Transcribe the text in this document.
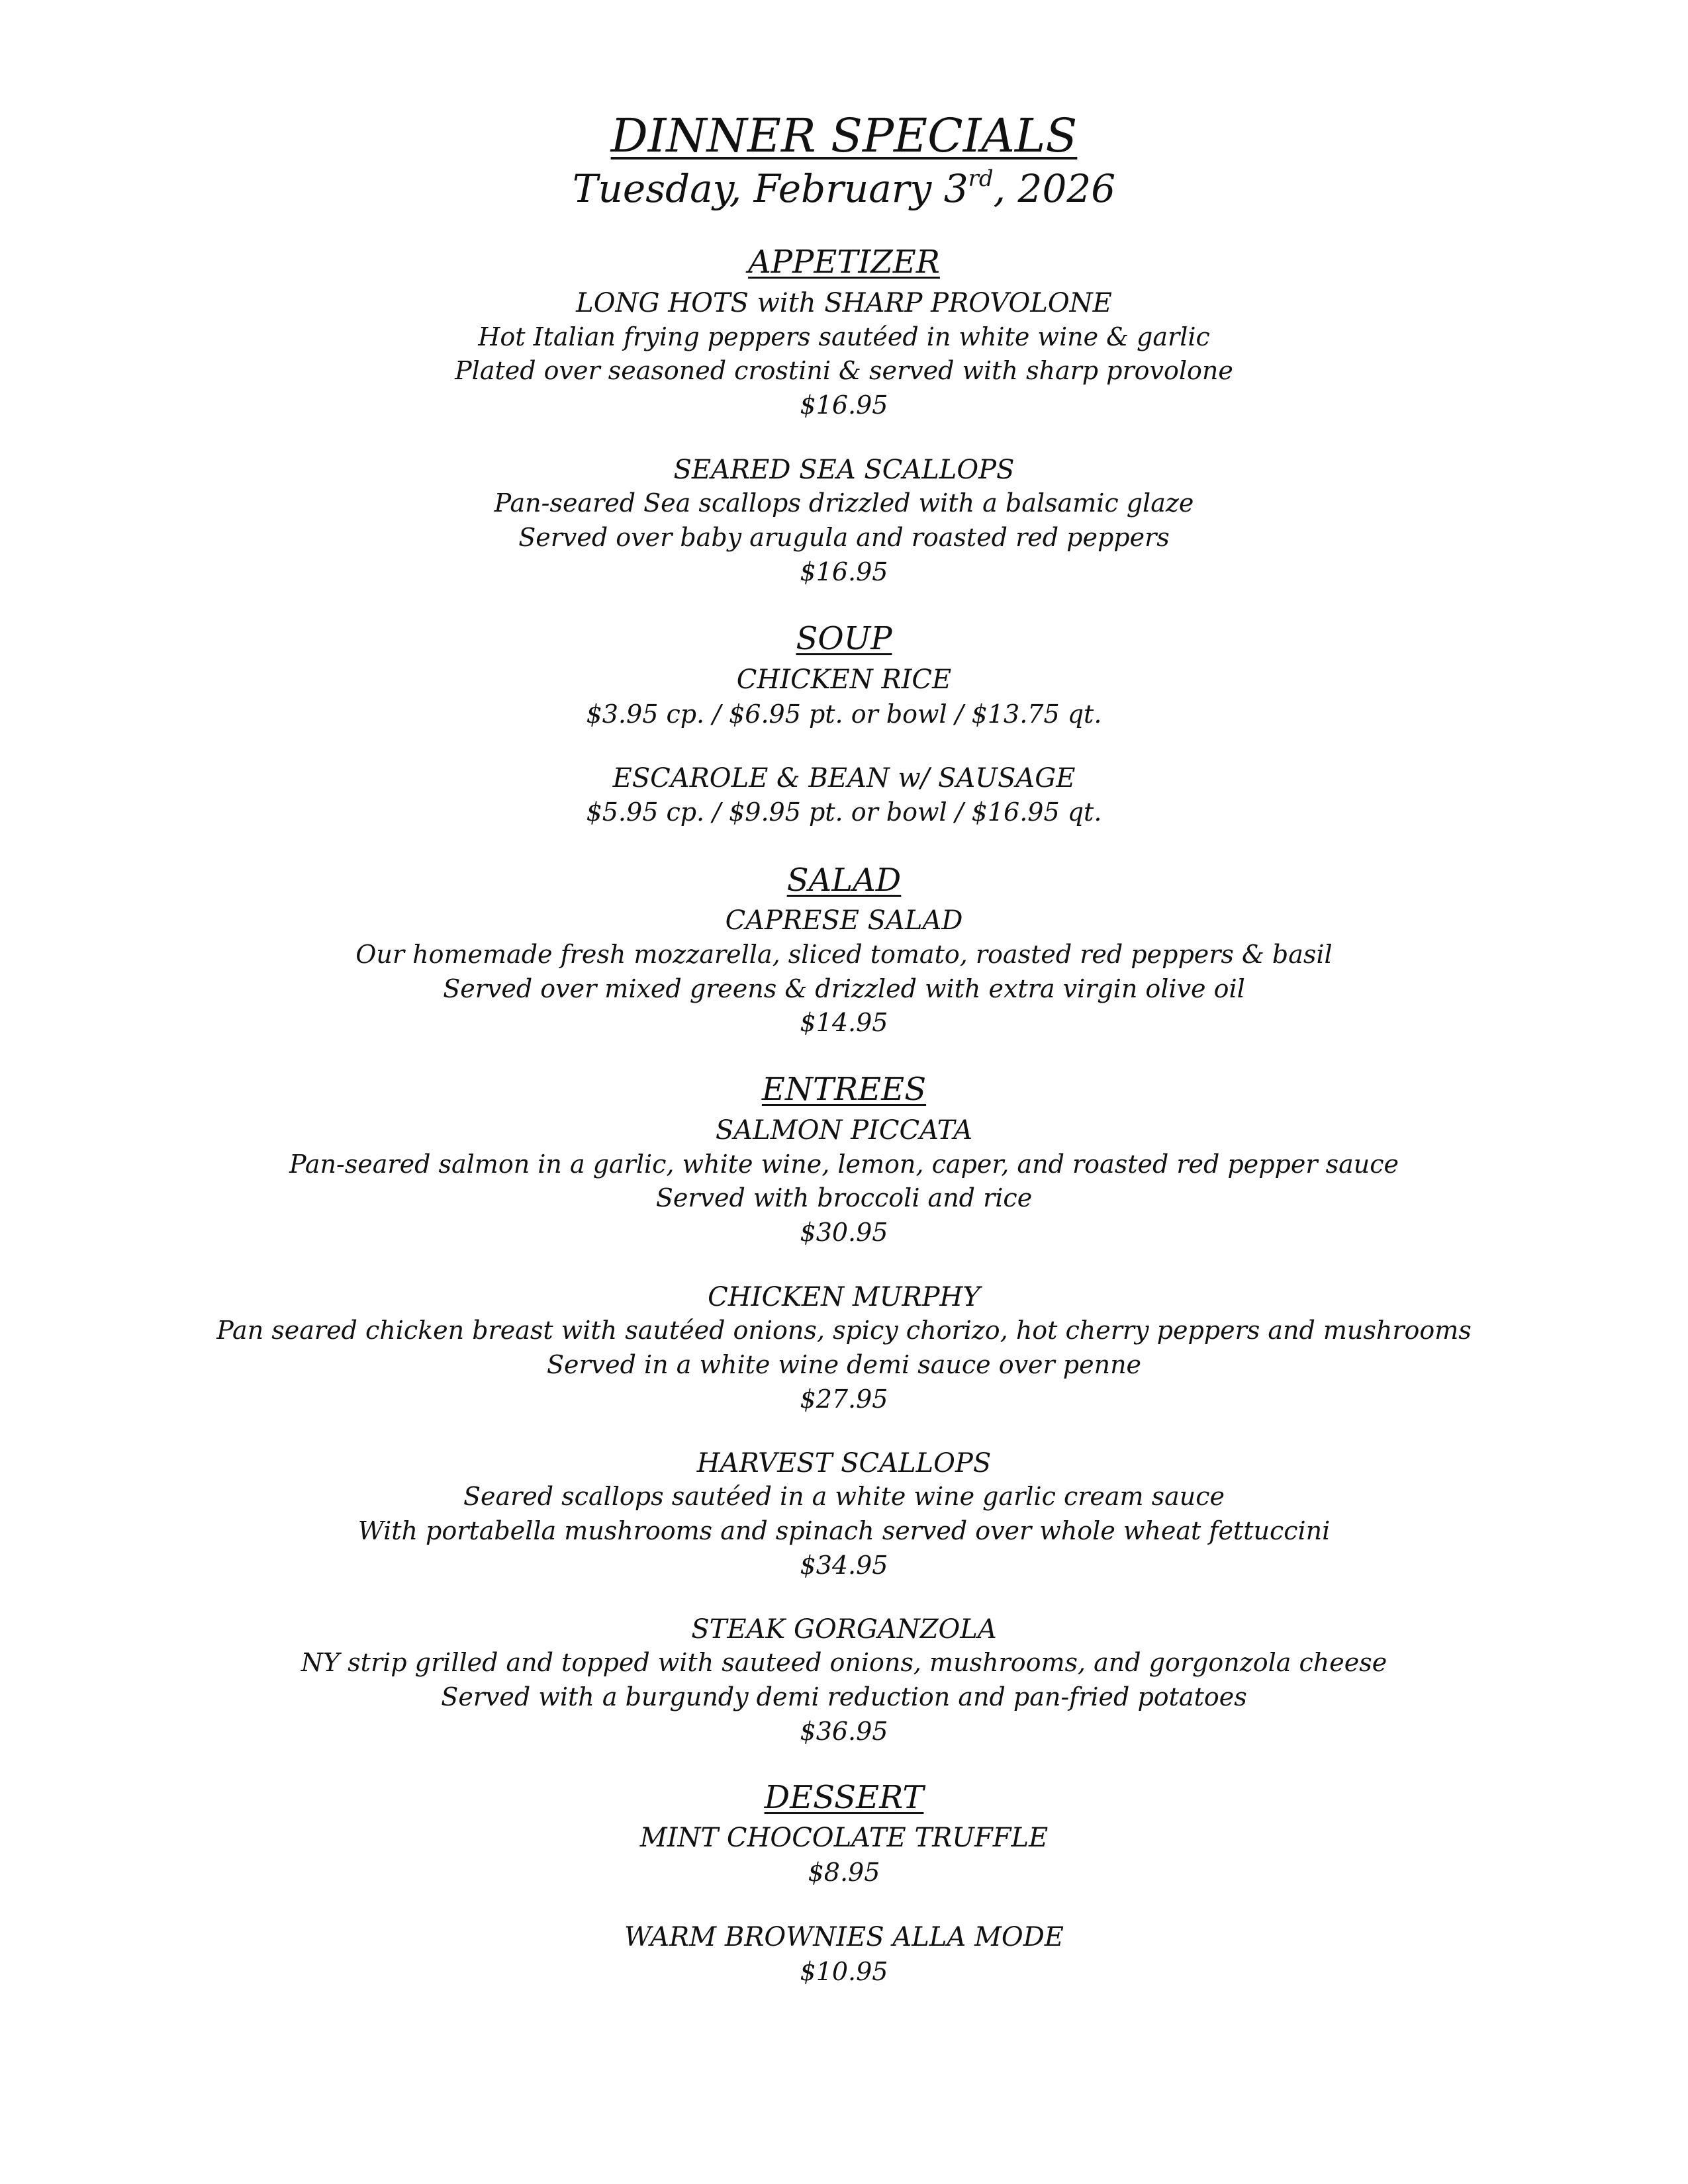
DINNER SPECIALS
Tuesday, February 3rd, 2026
APPETIZER
LONG HOTS with SHARP PROVOLONE
Hot Italian frying peppers sautéed in white wine & garlic
Plated over seasoned crostini & served with sharp provolone
$16.95
SEARED SEA SCALLOPS
Pan-seared Sea scallops drizzled with a balsamic glaze
Served over baby arugula and roasted red peppers
$16.95
SOUP
CHICKEN RICE
$3.95 cp. / $6.95 pt. or bowl / $13.75 qt.
ESCAROLE & BEAN w/ SAUSAGE
$5.95 cp. / $9.95 pt. or bowl / $16.95 qt.
SALAD
CAPRESE SALAD
Our homemade fresh mozzarella, sliced tomato, roasted red peppers & basil
Served over mixed greens & drizzled with extra virgin olive oil
$14.95
ENTREES
SALMON PICCATA
Pan-seared salmon in a garlic, white wine, lemon, caper, and roasted red pepper sauce
Served with broccoli and rice
$30.95
CHICKEN MURPHY
Pan seared chicken breast with sautéed onions, spicy chorizo, hot cherry peppers and mushrooms
Served in a white wine demi sauce over penne
$27.95
HARVEST SCALLOPS
Seared scallops sautéed in a white wine garlic cream sauce
With portabella mushrooms and spinach served over whole wheat fettuccini
$34.95
STEAK GORGANZOLA
NY strip grilled and topped with sauteed onions, mushrooms, and gorgonzola cheese
Served with a burgundy demi reduction and pan-fried potatoes
$36.95
DESSERT
MINT CHOCOLATE TRUFFLE
$8.95
WARM BROWNIES ALLA MODE
$10.95
